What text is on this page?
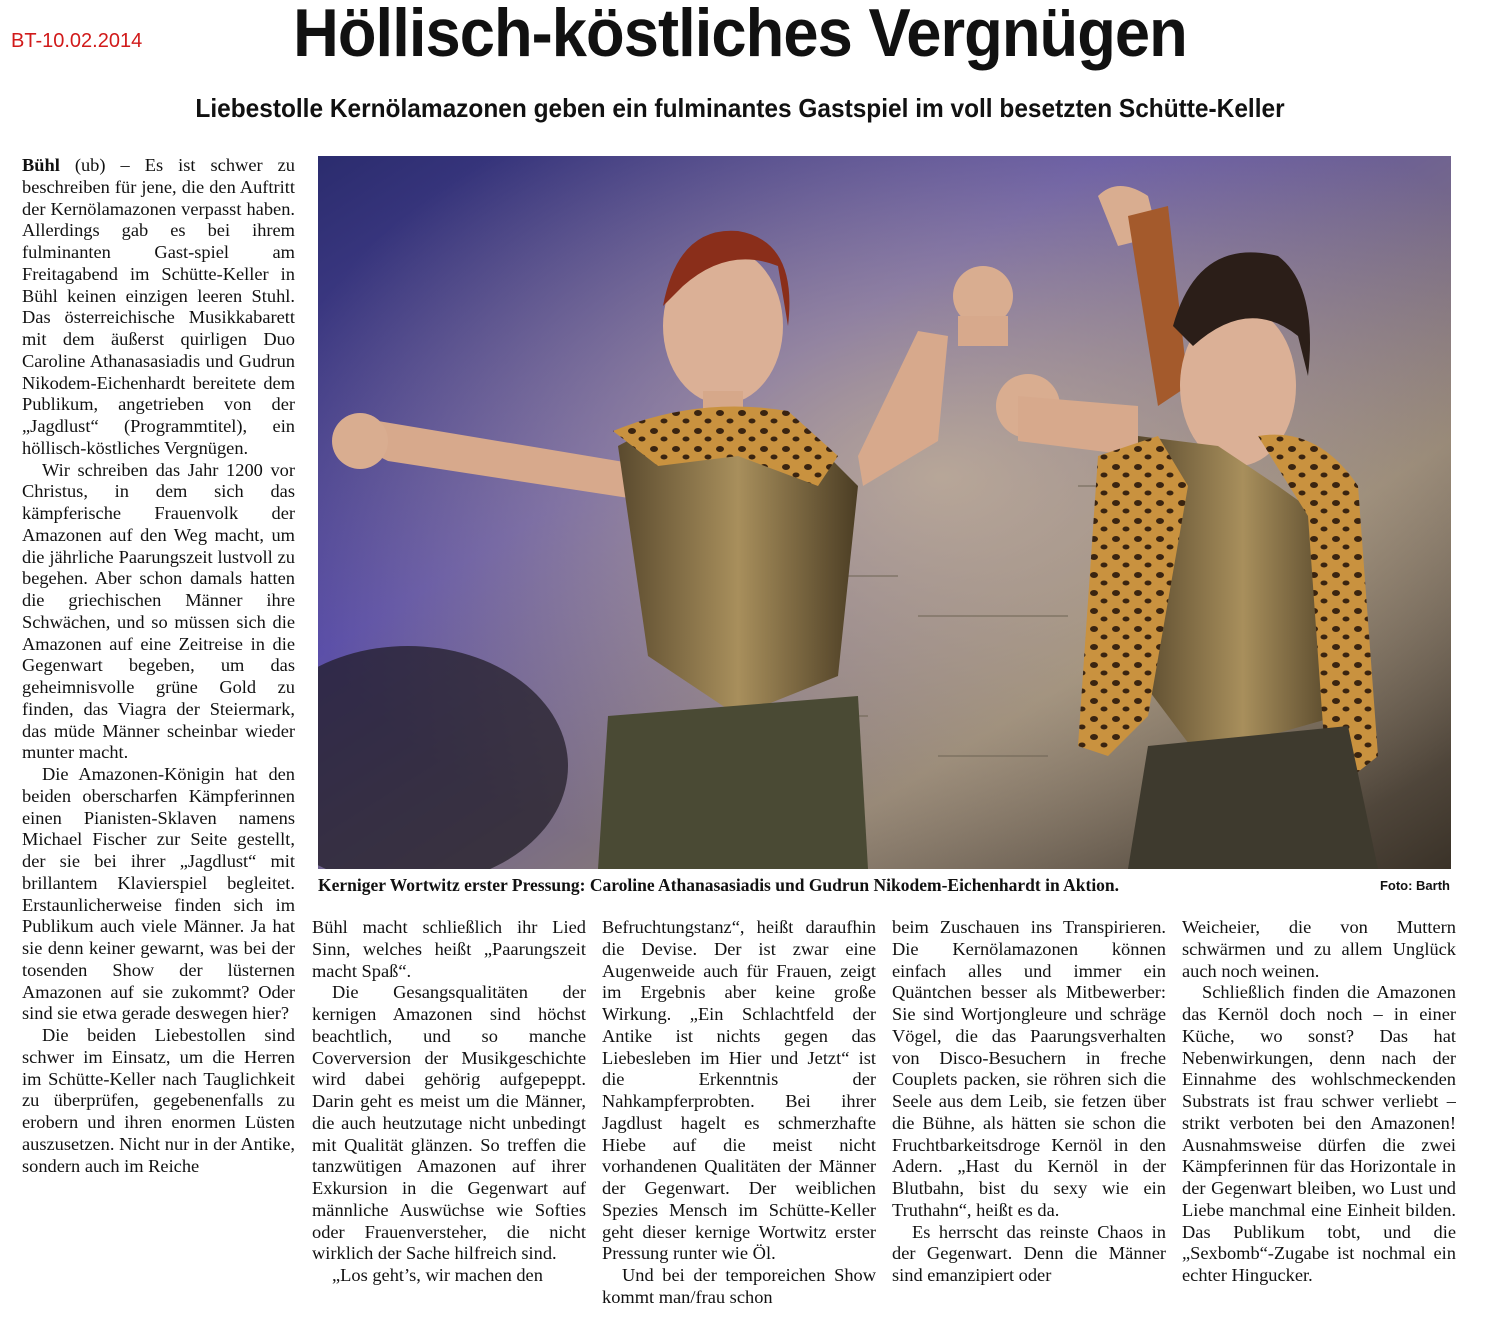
BT-10.02.2014	Höllisch-köstliches Vergnügen
Liebestolle Kernölamazonen geben ein fulminantes Gastspiel im voll besetzten Schütte-Keller

Bühl (ub) – Es ist schwer zu beschreiben für jene, die den Auftritt der Kernölamazonen verpasst haben. Allerdings gab es bei ihrem fulminanten Gast-spiel am Freitagabend im Schütte-Keller in Bühl keinen einzigen leeren Stuhl. Das österreichische Musikkabarett mit dem äußerst quirligen Duo Caroline Athanasasiadis und Gudrun Nikodem-Eichenhardt bereitete dem Publikum, angetrieben von der „Jagdlust“ (Programmtitel), ein höllisch-köstliches Vergnügen.

Wir schreiben das Jahr 1200 vor Christus, in dem sich das kämpferische Frauenvolk der Amazonen auf den Weg macht, um die jährliche Paarungszeit lustvoll zu begehen. Aber schon damals hatten die griechischen Männer ihre Schwächen, und so müssen sich die Amazonen auf eine Zeitreise in die Gegenwart begeben, um das geheimnisvolle grüne Gold zu finden, das Viagra der Steiermark, das müde Männer scheinbar wieder munter macht.

Die Amazonen-Königin hat den beiden oberscharfen Kämpferinnen einen Pianisten-Sklaven namens Michael Fischer zur Seite gestellt, der sie bei ihrer „Jagdlust“ mit brillantem Klavierspiel begleitet. Erstaunlicherweise finden sich im Publikum auch viele Männer. Ja hat sie denn keiner gewarnt, was bei der tosenden Show der lüsternen Amazonen auf sie zukommt? Oder sind sie etwa gerade deswegen hier?

Die beiden Liebestollen sind schwer im Einsatz, um die Herren im Schütte-Keller nach Tauglichkeit zu überprüfen, gegebenenfalls zu erobern und ihren enormen Lüsten auszusetzen. Nicht nur in der Antike, sondern auch im Reiche

Kerniger Wortwitz erster Pressung: Caroline Athanasasiadis und Gudrun Nikodem-Eichenhardt in Aktion.	Foto: Barth

Bühl macht schließlich ihr Lied Sinn, welches heißt „Paarungszeit macht Spaß“.

Die Gesangsqualitäten der kernigen Amazonen sind höchst beachtlich, und so manche Coverversion der Musikgeschichte wird dabei gehörig aufgepeppt. Darin geht es meist um die Männer, die auch heutzutage nicht unbedingt mit Qualität glänzen. So treffen die tanzwütigen Amazonen auf ihrer Exkursion in die Gegenwart auf männliche Auswüchse wie Softies oder Frauenversteher, die nicht wirklich der Sache hilfreich sind.

„Los geht’s, wir machen den

Befruchtungstanz“, heißt daraufhin die Devise. Der ist zwar eine Augenweide auch für Frauen, zeigt im Ergebnis aber keine große Wirkung. „Ein Schlachtfeld der Antike ist nichts gegen das Liebesleben im Hier und Jetzt“ ist die Erkenntnis der Nahkampferprobten. Bei ihrer Jagdlust hagelt es schmerzhafte Hiebe auf die meist nicht vorhandenen Qualitäten der Männer der Gegenwart. Der weiblichen Spezies Mensch im Schütte-Keller geht dieser kernige Wortwitz erster Pressung runter wie Öl.

Und bei der temporeichen Show kommt man/frau schon

beim Zuschauen ins Transpirieren. Die Kernölamazonen können einfach alles und immer ein Quäntchen besser als Mitbewerber: Sie sind Wortjongleure und schräge Vögel, die das Paarungsverhalten von Disco-Besuchern in freche Couplets packen, sie röhren sich die Seele aus dem Leib, sie fetzen über die Bühne, als hätten sie schon die Fruchtbarkeitsdroge Kernöl in den Adern. „Hast du Kernöl in der Blutbahn, bist du sexy wie ein Truthahn“, heißt es da.

Es herrscht das reinste Chaos in der Gegenwart. Denn die Männer sind emanzipiert oder

Weicheier, die von Muttern schwärmen und zu allem Unglück auch noch weinen.

Schließlich finden die Amazonen das Kernöl doch noch – in einer Küche, wo sonst? Das hat Nebenwirkungen, denn nach der Einnahme des wohlschmeckenden Substrats ist frau schwer verliebt – strikt verboten bei den Amazonen! Ausnahmsweise dürfen die zwei Kämpferinnen für das Horizontale in der Gegenwart bleiben, wo Lust und Liebe manchmal eine Einheit bilden. Das Publikum tobt, und die „Sexbomb“-Zugabe ist nochmal ein echter Hingucker.
